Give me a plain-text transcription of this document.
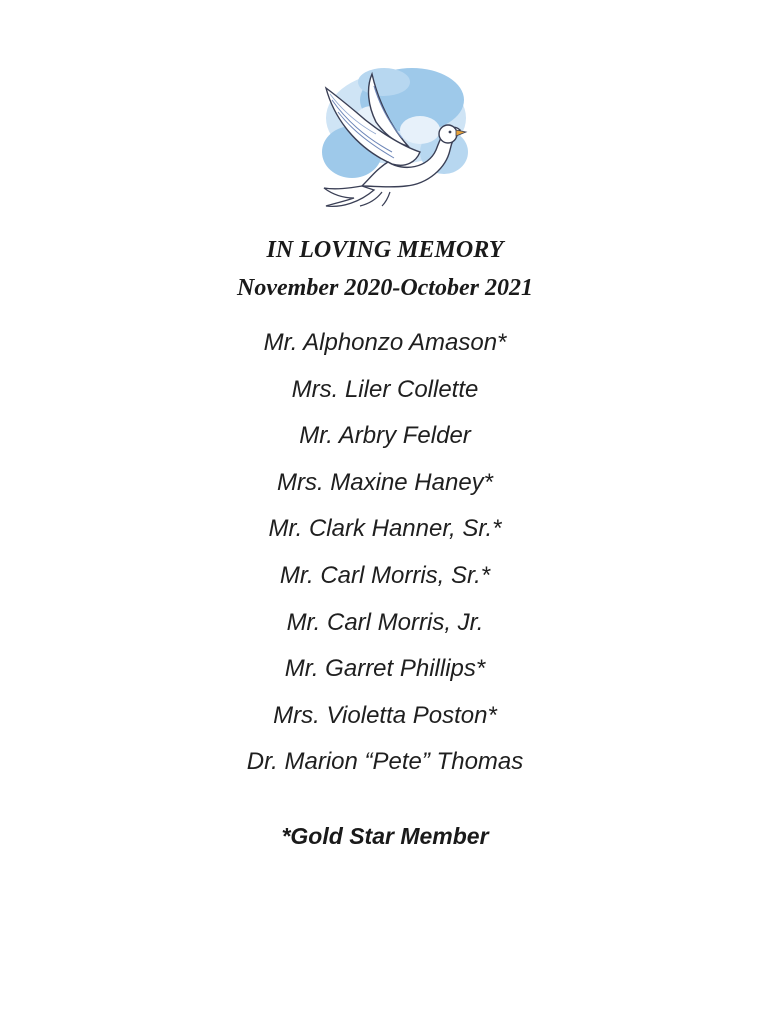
IN LOVING MEMORY
November 2020-October 2021
Mr. Alphonzo Amason*
Mrs. Liler Collette
Mr. Arbry Felder
Mrs. Maxine Haney*
Mr. Clark Hanner, Sr.*
Mr. Carl Morris, Sr.*
Mr. Carl Morris, Jr.
Mr. Garret Phillips*
Mrs. Violetta Poston*
Dr. Marion “Pete” Thomas

*Gold Star Member
